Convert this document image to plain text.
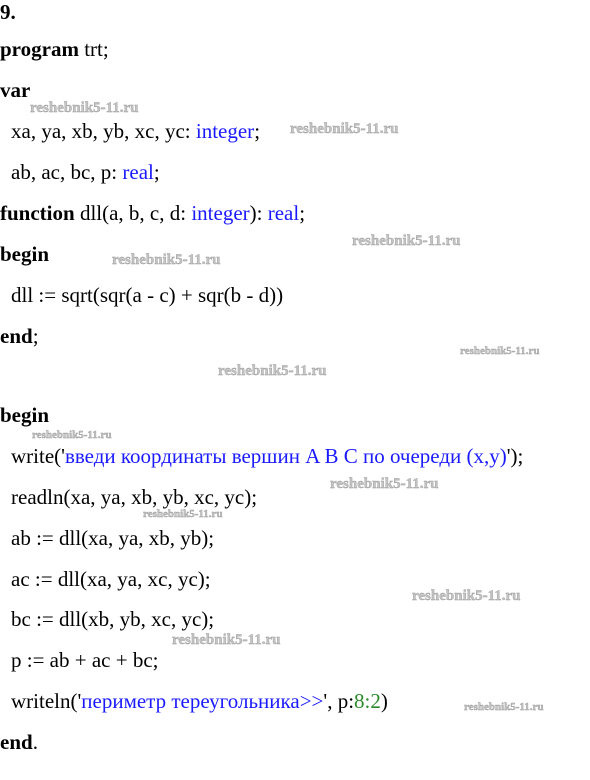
9.
program trt;
var
xa, ya, xb, yb, xc, yc: integer;
ab, ac, bc, p: real;
function dll(a, b, c, d: integer): real;
begin
dll := sqrt(sqr(a - c) + sqr(b - d))
end;
begin
write('введи координаты вершин A B C по очереди (x,y)');
readln(xa, ya, xb, yb, xc, yc);
ab := dll(xa, ya, xb, yb);
ac := dll(xa, ya, xc, yc);
bc := dll(xb, yb, xc, yc);
p := ab + ac + bc;
writeln('периметр тереугольника>>', p:8:2)
end.
reshebnik5-11.ru
reshebnik5-11.ru
reshebnik5-11.ru
reshebnik5-11.ru
reshebnik5-11.ru
reshebnik5-11.ru
reshebnik5-11.ru
reshebnik5-11.ru
reshebnik5-11.ru
reshebnik5-11.ru
reshebnik5-11.ru
reshebnik5-11.ru
